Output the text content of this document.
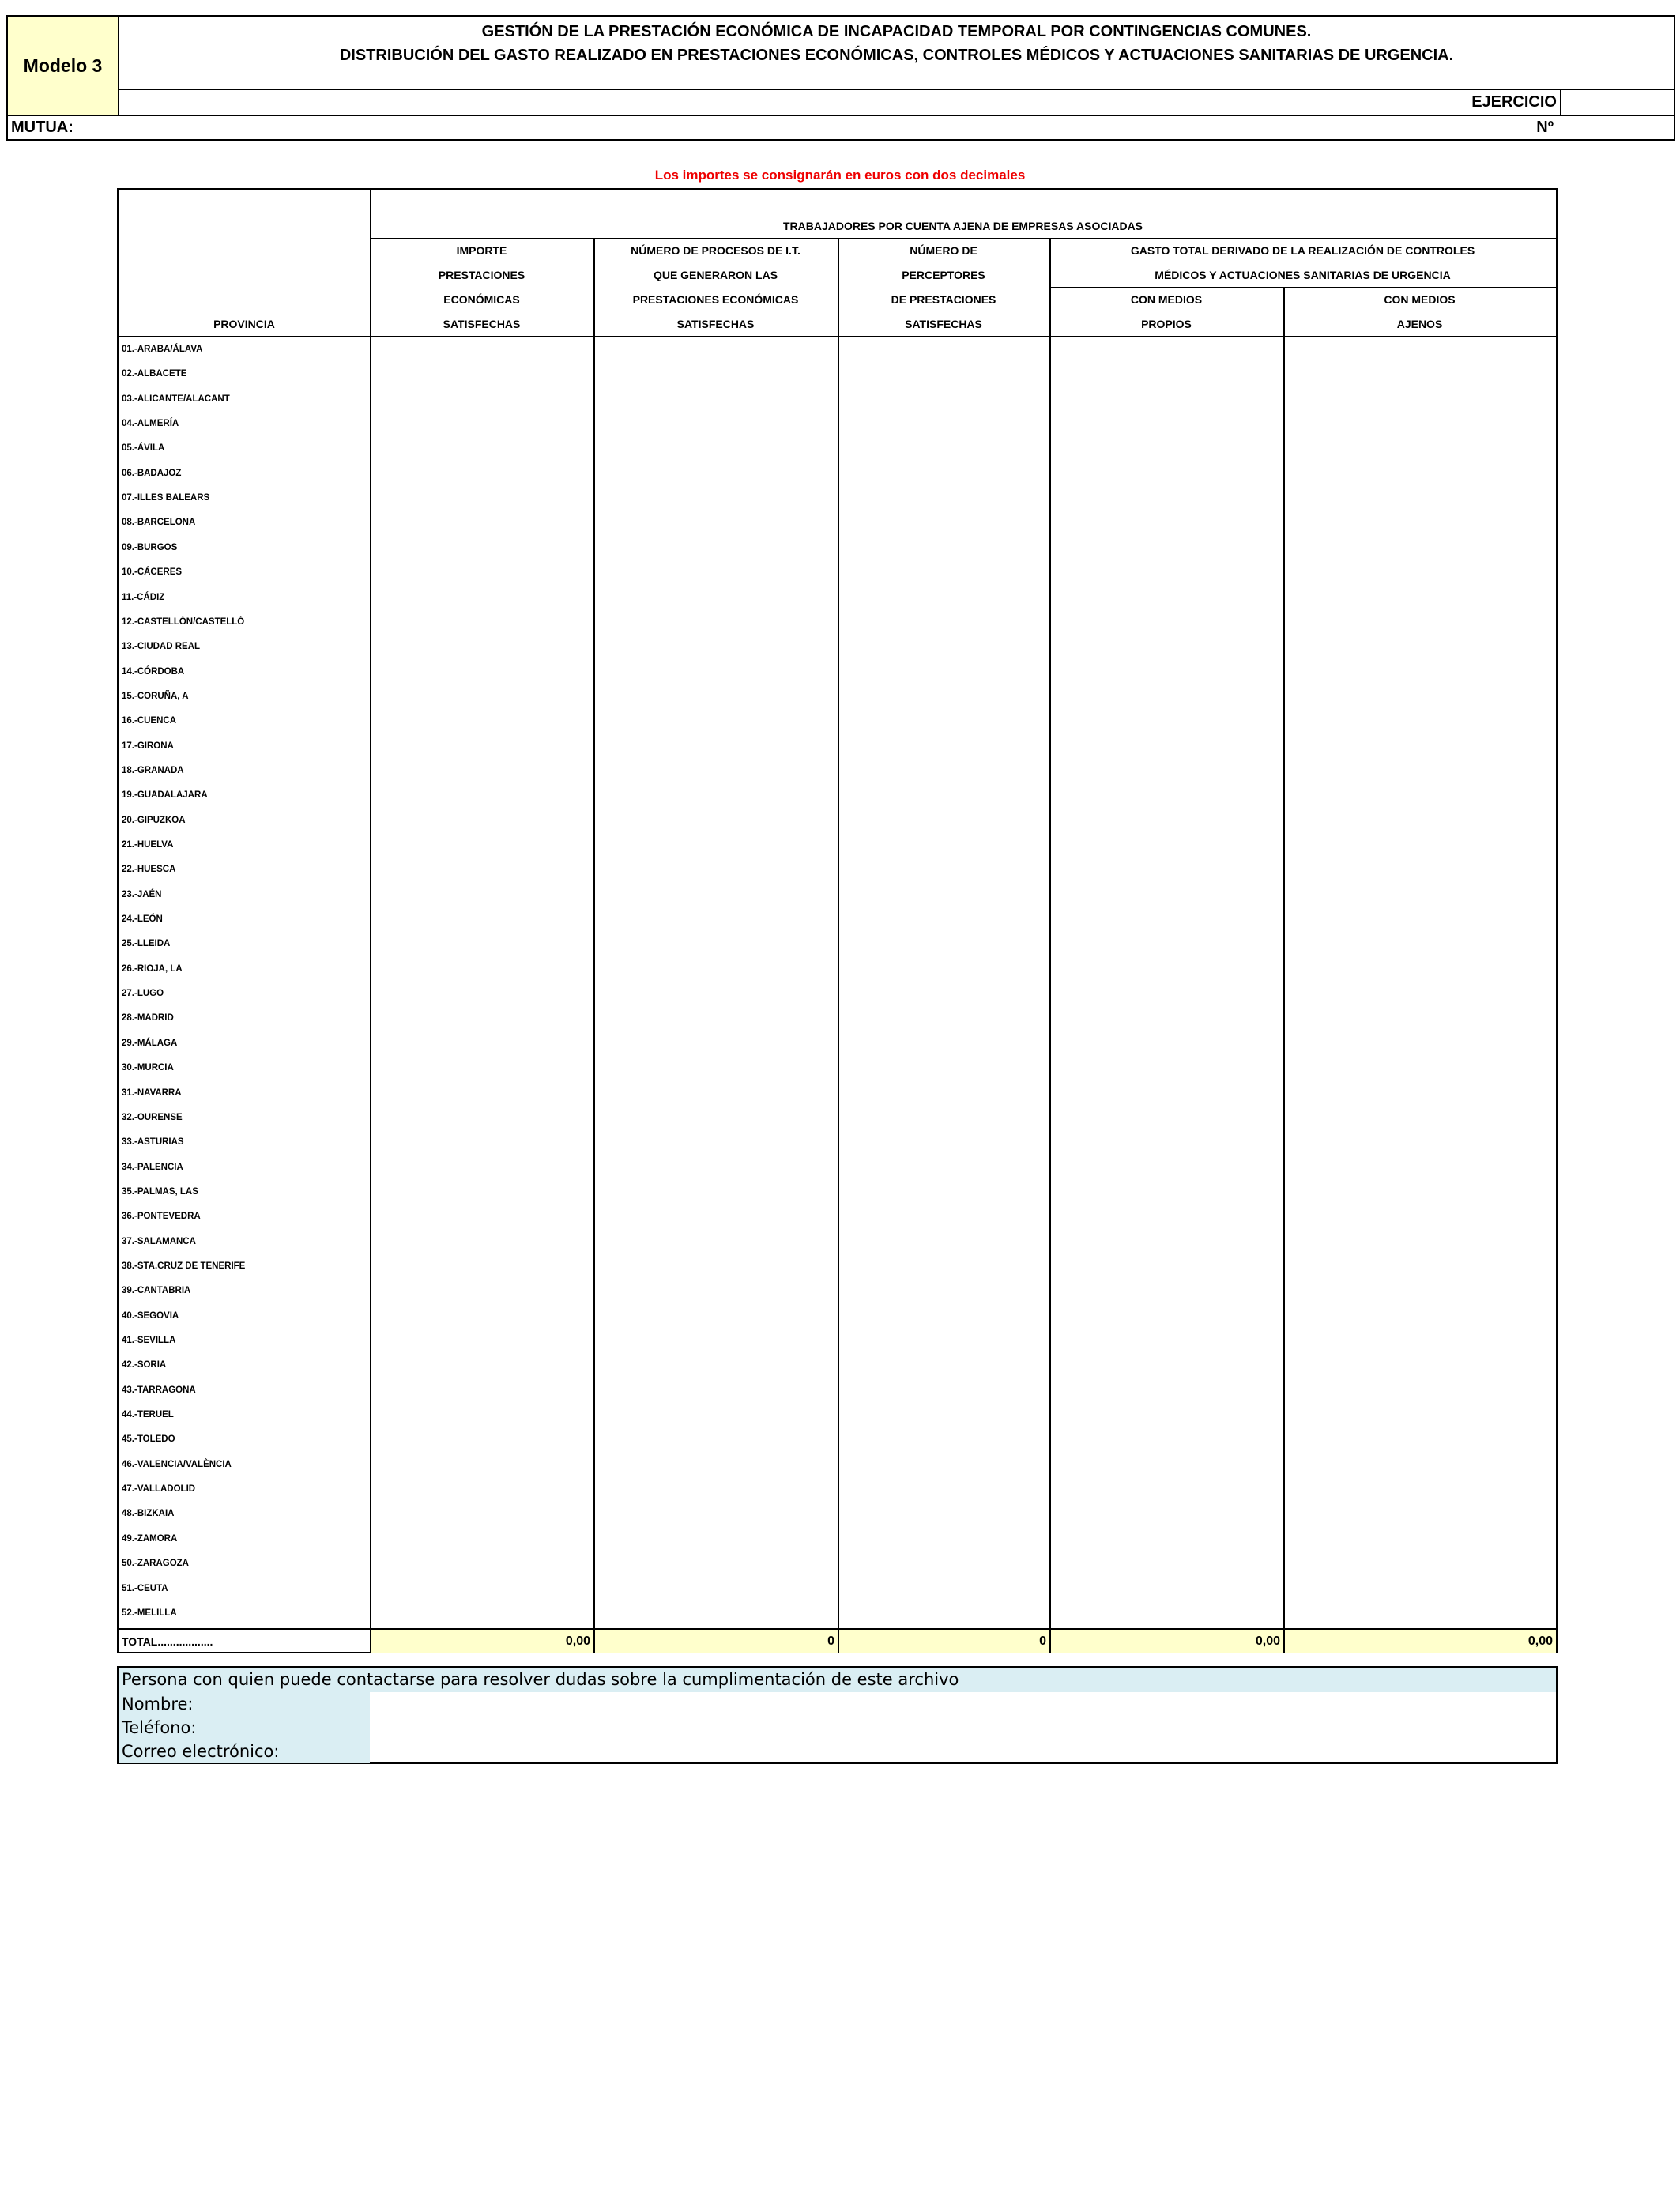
Modelo 3
GESTIÓN DE LA PRESTACIÓN ECONÓMICA DE INCAPACIDAD TEMPORAL POR CONTINGENCIAS COMUNES.
DISTRIBUCIÓN DEL GASTO REALIZADO EN PRESTACIONES ECONÓMICAS, CONTROLES MÉDICOS Y ACTUACIONES SANITARIAS DE URGENCIA.
EJERCICIO
MUTUA:	Nº
Los importes se consignarán en euros con dos decimales
TRABAJADORES POR CUENTA AJENA DE EMPRESAS ASOCIADAS
PROVINCIA
IMPORTE
PRESTACIONES
ECONÓMICAS
SATISFECHAS
NÚMERO DE PROCESOS DE I.T.
QUE GENERARON LAS
PRESTACIONES ECONÓMICAS
SATISFECHAS
NÚMERO DE
PERCEPTORES
DE PRESTACIONES
SATISFECHAS
GASTO TOTAL DERIVADO DE LA REALIZACIÓN DE CONTROLES
MÉDICOS Y ACTUACIONES SANITARIAS DE URGENCIA
CON MEDIOS
PROPIOS
CON MEDIOS
AJENOS
01.-ARABA/ÁLAVA
02.-ALBACETE
03.-ALICANTE/ALACANT
04.-ALMERÍA
05.-ÁVILA
06.-BADAJOZ
07.-ILLES BALEARS
08.-BARCELONA
09.-BURGOS
10.-CÁCERES
11.-CÁDIZ
12.-CASTELLÓN/CASTELLÓ
13.-CIUDAD REAL
14.-CÓRDOBA
15.-CORUÑA, A
16.-CUENCA
17.-GIRONA
18.-GRANADA
19.-GUADALAJARA
20.-GIPUZKOA
21.-HUELVA
22.-HUESCA
23.-JAÉN
24.-LEÓN
25.-LLEIDA
26.-RIOJA, LA
27.-LUGO
28.-MADRID
29.-MÁLAGA
30.-MURCIA
31.-NAVARRA
32.-OURENSE
33.-ASTURIAS
34.-PALENCIA
35.-PALMAS, LAS
36.-PONTEVEDRA
37.-SALAMANCA
38.-STA.CRUZ DE TENERIFE
39.-CANTABRIA
40.-SEGOVIA
41.-SEVILLA
42.-SORIA
43.-TARRAGONA
44.-TERUEL
45.-TOLEDO
46.-VALENCIA/VALÈNCIA
47.-VALLADOLID
48.-BIZKAIA
49.-ZAMORA
50.-ZARAGOZA
51.-CEUTA
52.-MELILLA
TOTAL..................	0,00	0	0	0,00	0,00
Persona con quien puede contactarse para resolver dudas sobre la cumplimentación de este archivo
Nombre:
Teléfono:
Correo electrónico:
